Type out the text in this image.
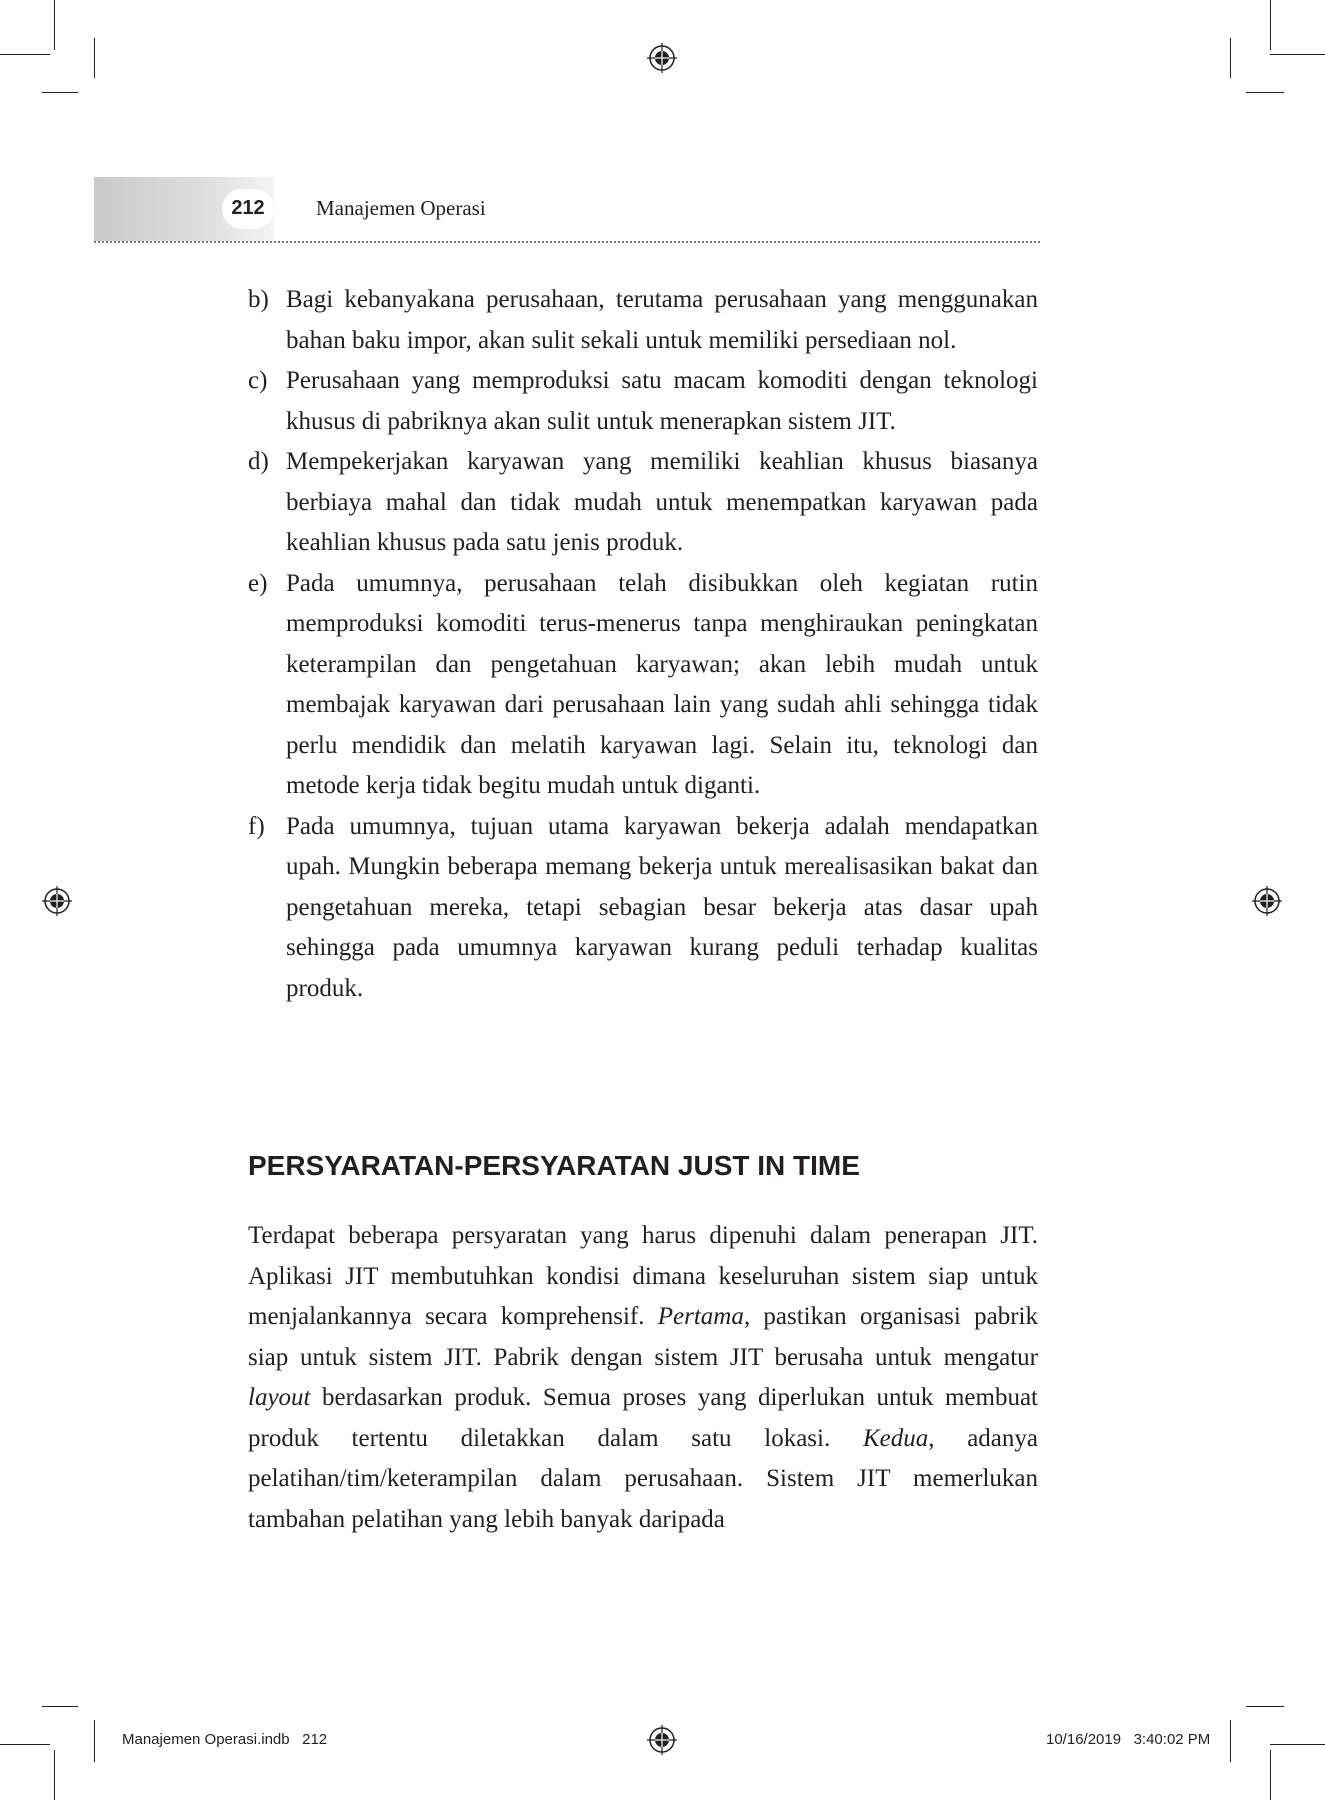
212	Manajemen Operasi
b) Bagi kebanyakana perusahaan, terutama perusahaan yang menggunakan bahan baku impor, akan sulit sekali untuk memiliki persediaan nol.
c) Perusahaan yang memproduksi satu macam komoditi dengan teknologi khusus di pabriknya akan sulit untuk menerapkan sistem JIT.
d) Mempekerjakan karyawan yang memiliki keahlian khusus biasanya berbiaya mahal dan tidak mudah untuk menempatkan karyawan pada keahlian khusus pada satu jenis produk.
e) Pada umumnya, perusahaan telah disibukkan oleh kegiatan rutin memproduksi komoditi terus-menerus tanpa menghiraukan peningkatan keterampilan dan pengetahuan karyawan; akan lebih mudah untuk membajak karyawan dari perusahaan lain yang sudah ahli sehingga tidak perlu mendidik dan melatih karyawan lagi. Selain itu, teknologi dan metode kerja tidak begitu mudah untuk diganti.
f) Pada umumnya, tujuan utama karyawan bekerja adalah mendapatkan upah. Mungkin beberapa memang bekerja untuk merealisasikan bakat dan pengetahuan mereka, tetapi sebagian besar bekerja atas dasar upah sehingga pada umumnya karyawan kurang peduli terhadap kualitas produk.
PERSYARATAN-PERSYARATAN JUST IN TIME

Terdapat beberapa persyaratan yang harus dipenuhi dalam penerapan JIT. Aplikasi JIT membutuhkan kondisi dimana keseluruhan sistem siap untuk menjalankannya secara komprehensif. Pertama, pastikan organisasi pabrik siap untuk sistem JIT. Pabrik dengan sistem JIT berusaha untuk mengatur layout berdasarkan produk. Semua proses yang diperlukan untuk membuat produk tertentu diletakkan dalam satu lokasi. Kedua, adanya pelatihan/tim/keterampilan dalam perusahaan. Sistem JIT memerlukan tambahan pelatihan yang lebih banyak daripada

Manajemen Operasi.indb   212	10/16/2019   3:40:02 PM
